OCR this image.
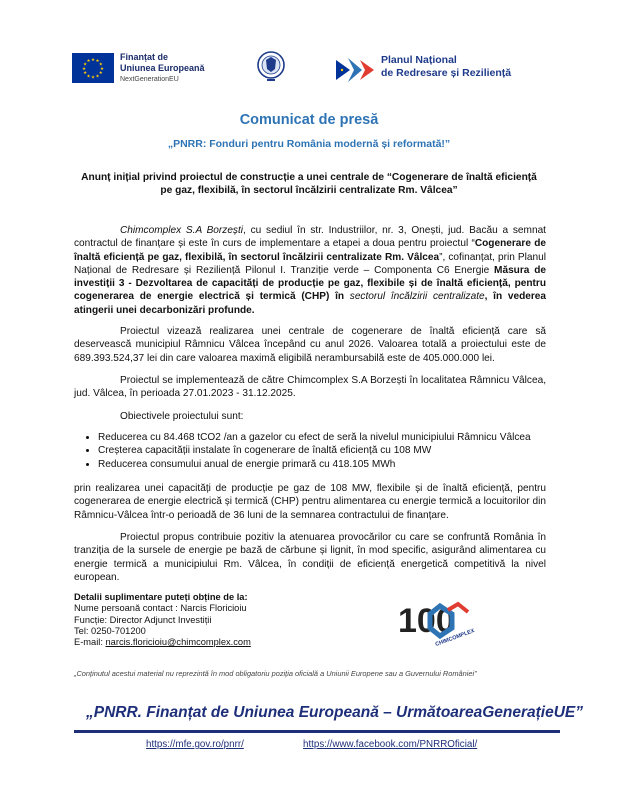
★ ★
★
★
★
★
★
★
★
★
★
★	Finanțat de
Uniunea Europeană
NextGenerationEU
Planul Național
de Redresare și Reziliență
Comunicat de presă
„PNRR: Fonduri pentru România modernă și reformată!”
Anunț inițial privind proiectul de construcție a unei centrale de “Cogenerare de înaltă eficiență pe gaz, flexibilă, în sectorul încălzirii centralizate Rm. Vâlcea”
Chimcomplex S.A Borzești, cu sediul în str. Industriilor, nr. 3, Onești, jud. Bacău a semnat contractul de finanțare și este în curs de implementare a etapei a doua pentru proiectul “Cogenerare de înaltă eficiență pe gaz, flexibilă, în sectorul încălzirii centralizate Rm. Vâlcea”, cofinanțat, prin Planul Național de Redresare și Reziliență Pilonul I. Tranziție verde – Componenta C6 Energie Măsura de investiții 3 - Dezvoltarea de capacități de producție pe gaz, flexibile și de înaltă eficiență, pentru cogenerarea de energie electrică și termică (CHP) în sectorul încălzirii centralizate, în vederea atingerii unei decarbonizări profunde.
Proiectul vizează realizarea unei centrale de cogenerare de înaltă eficiență care să deservească municipiul Râmnicu Vâlcea începând cu anul 2026. Valoarea totală a proiectului este de 689.393.524,37 lei din care valoarea maximă eligibilă nerambursabilă este de 405.000.000 lei.
Proiectul se implementează de către Chimcomplex S.A Borzești în localitatea Râmnicu Vâlcea, jud. Vâlcea, în perioada 27.01.2023 - 31.12.2025.
Obiectivele proiectului sunt:
• Reducerea cu 84.468 tCO2 /an a gazelor cu efect de seră la nivelul municipiului Râmnicu Vâlcea
• Creșterea capacității instalate în cogenerare de înaltă eficiență cu 108 MW
• Reducerea consumului anual de energie primară cu 418.105 MWh
prin realizarea unei capacități de producție pe gaz de 108 MW, flexibile și de înaltă eficiență, pentru cogenerarea de energie electrică și termică (CHP) pentru alimentarea cu energie termică a locuitorilor din Râmnicu-Vâlcea într-o perioadă de 36 luni de la semnarea contractului de finanțare.
Proiectul propus contribuie pozitiv la atenuarea provocărilor cu care se confruntă România în tranziția de la sursele de energie pe bază de cărbune și lignit, în mod specific, asigurând alimentarea cu energie termică a municipiului Rm. Vâlcea, în condiții de eficiență energetică competitivă la nivel european.
Detalii suplimentare puteți obține de la:
Nume persoană contact : Narcis Floricioiu
Funcție: Director Adjunct Investiții
Tel: 0250-701200
E-mail: narcis.floricioiu@chimcomplex.com
100
CHIMCOMPLEX
„Conținutul acestui material nu reprezintă în mod obligatoriu poziția oficială a Uniunii Europene sau a Guvernului României”
„PNRR. Finanțat de Uniunea Europeană – UrmătoareaGenerațieUE”
https://mfe.gov.ro/pnrr/	https://www.facebook.com/PNRROficial/
